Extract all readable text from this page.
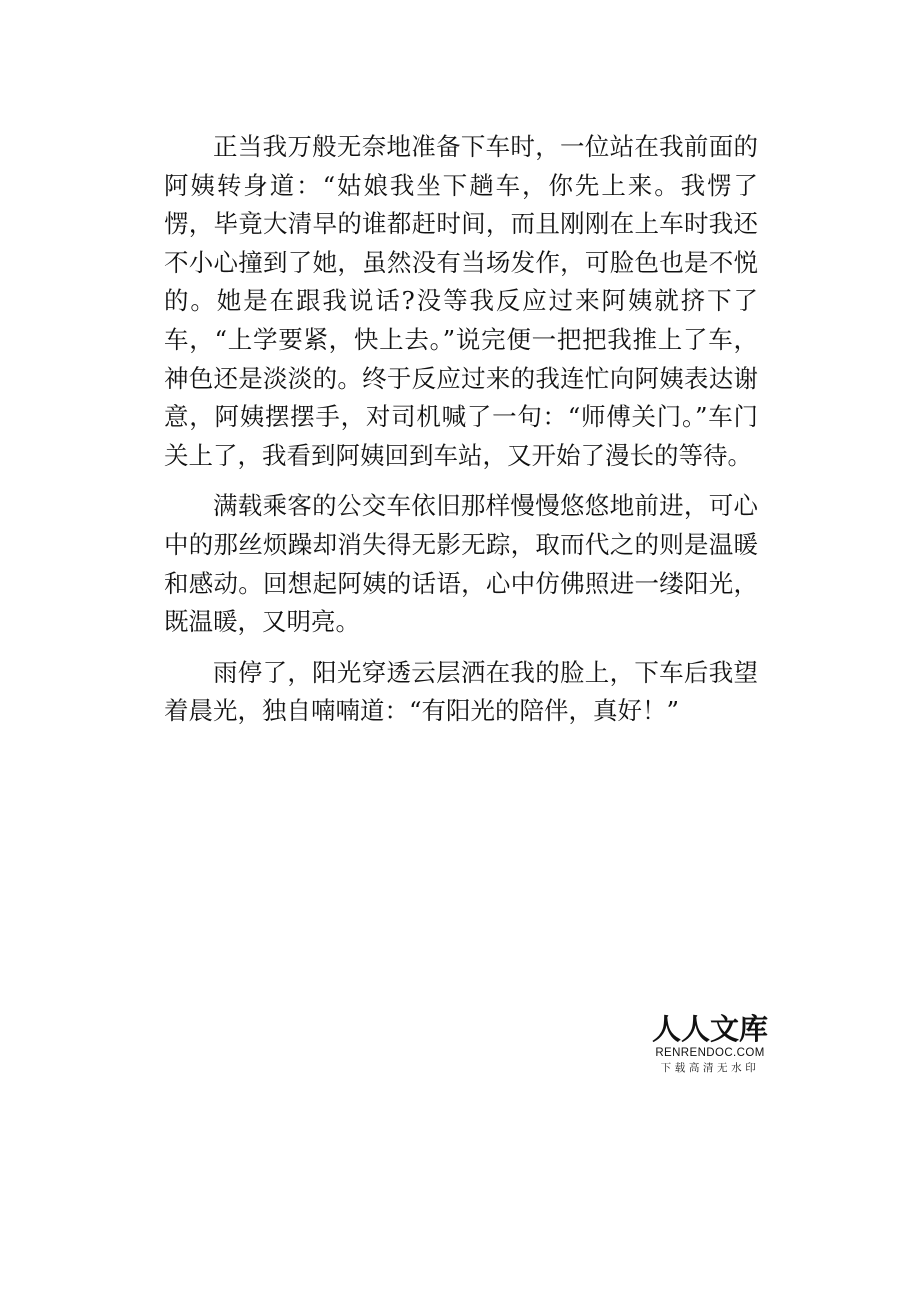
正当我万般无奈地准备下车时，一位站在我前面的阿姨转身道：“姑娘我坐下趟车，你先上来。我愣了愣，毕竟大清早的谁都赶时间，而且刚刚在上车时我还不小心撞到了她，虽然没有当场发作，可脸色也是不悦的。她是在跟我说话?没等我反应过来阿姨就挤下了车，“上学要紧，快上去。”说完便一把把我推上了车，神色还是淡淡的。终于反应过来的我连忙向阿姨表达谢意，阿姨摆摆手，对司机喊了一句：“师傅关门。”车门关上了，我看到阿姨回到车站，又开始了漫长的等待。

满载乘客的公交车依旧那样慢慢悠悠地前进，可心中的那丝烦躁却消失得无影无踪，取而代之的则是温暖和感动。回想起阿姨的话语，心中仿佛照进一缕阳光，既温暖，又明亮。

雨停了，阳光穿透云层洒在我的脸上，下车后我望着晨光，独自喃喃道：“有阳光的陪伴，真好！”

人人文库
RENRENDOC.COM
下载高清无水印
